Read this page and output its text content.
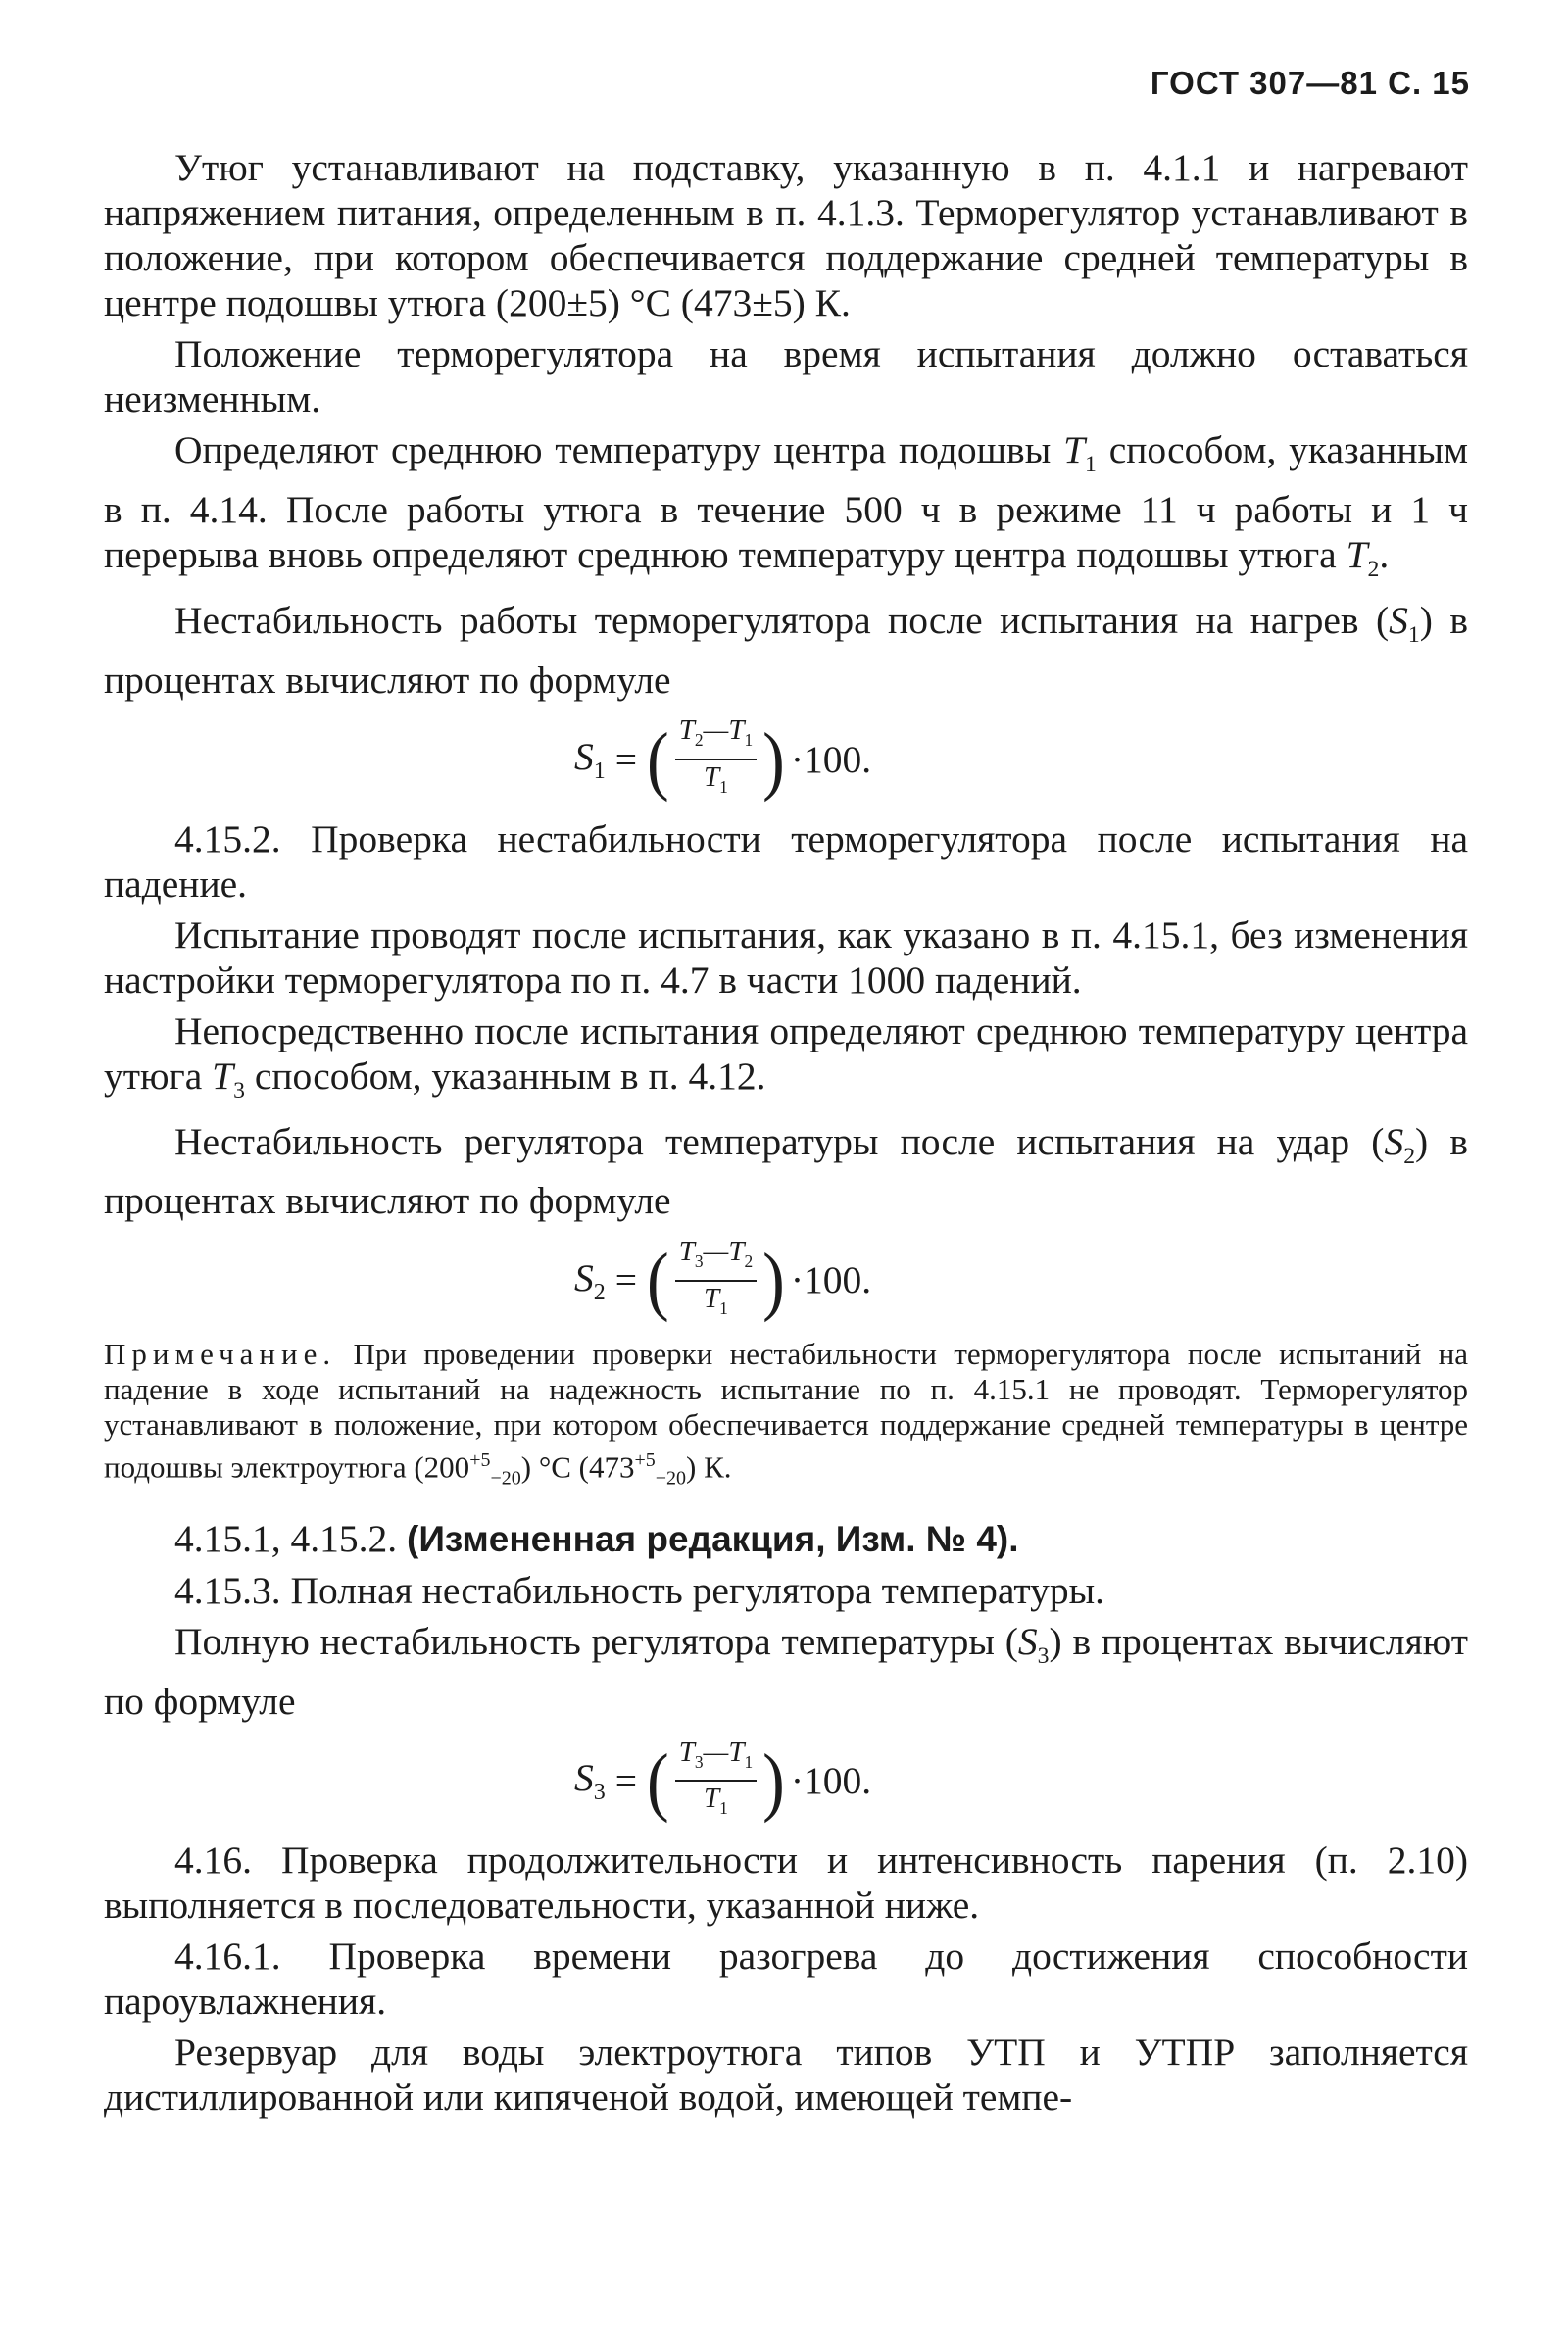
ГОСТ 307—81 С. 15

Утюг устанавливают на подставку, указанную в п. 4.1.1 и нагревают напряжением питания, определенным в п. 4.1.3. Терморегулятор устанавливают в положение, при котором обеспечивается поддержание средней температуры в центре подошвы утюга (200±5) °С (473±5) К.

Положение терморегулятора на время испытания должно оставаться неизменным.

Определяют среднюю температуру центра подошвы $T_1$ способом, указанным в п. 4.14. После работы утюга в течение 500 ч в режиме 11 ч работы и 1 ч перерыва вновь определяют среднюю температуру центра подошвы утюга $T_2$.

Нестабильность работы терморегулятора после испытания на нагрев $(S_1)$ в процентах вычисляют по формуле

$S_1$ = ( $\frac{T_2—T_1}{T_1}$ ) ·100.

4.15.2. Проверка нестабильности терморегулятора после испытания на падение.

Испытание проводят после испытания, как указано в п. 4.15.1, без изменения настройки терморегулятора по п. 4.7 в части 1000 падений.

Непосредственно после испытания определяют среднюю температуру центра утюга $T_3$ способом, указанным в п. 4.12.

Нестабильность регулятора температуры после испытания на удар $(S_2)$ в процентах вычисляют по формуле

$S_2$ = ( $\frac{T_3—T_2}{T_1}$ ) ·100.

Примечание. При проведении проверки нестабильности терморегулятора после испытаний на падение в ходе испытаний на надежность испытание по п. 4.15.1 не проводят. Терморегулятор устанавливают в положение, при котором обеспечивается поддержание средней температуры в центре подошвы электроутюга $(200^{+5}_{-20})$ °С $(473^{+5}_{-20})$ К.

4.15.1, 4.15.2. (Измененная редакция, Изм. № 4).

4.15.3. Полная нестабильность регулятора температуры.

Полную нестабильность регулятора температуры $(S_3)$ в процентах вычисляют по формуле

$S_3$ = ( $\frac{T_3—T_1}{T_1}$ ) ·100.

4.16. Проверка продолжительности и интенсивность парения (п. 2.10) выполняется в последовательности, указанной ниже.

4.16.1. Проверка времени разогрева до достижения способности пароувлажнения.

Резервуар для воды электроутюга типов УТП и УТПР заполняется дистиллированной или кипяченой водой, имеющей темпе-
